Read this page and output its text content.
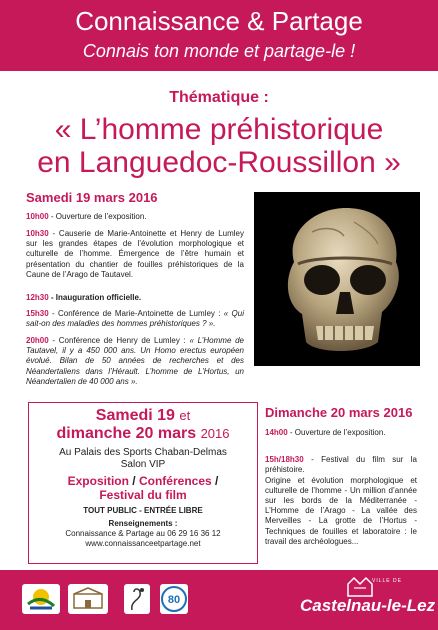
Connaissance & Partage
Connais ton monde et partage-le !
Thématique :
« L’homme préhistorique
en Languedoc-Roussillon »
Samedi 19 mars 2016
10h00 - Ouverture de l’exposition.
10h30 - Causerie de Marie-Antoinette et Henry de Lumley sur les grandes étapes de l’évolution morphologique et culturelle de l’homme. Émergence de l’être humain et présentation du chantier de fouilles préhistoriques de la Caune de l’Arago de Tautavel.
12h30 - Inauguration officielle.
15h30 - Conférence de Marie-Antoinette de Lumley : « Qui sait-on des maladies des hommes préhistoriques ? ».
20h00 - Conférence de Henry de Lumley : « L’Homme de Tautavel, il y a 450 000 ans. Un Homo erectus européen évolué. Bilan de 50 années de recherches et des Néandertaliens dans l’Hérault. L’homme de L’Hortus, un Néandertalien de 40 000 ans ».
Samedi 19 et
dimanche 20 mars 2016
Au Palais des Sports Chaban-Delmas
Salon VIP
Exposition / Conférences /
Festival du film
TOUT PUBLIC - ENTRÉE LIBRE
Renseignements :
Connaissance & Partage au 06 29 16 36 12
www.connaissanceetpartage.net
Dimanche 20 mars 2016
14h00 - Ouverture de l’exposition.

15h/18h30 - Festival du film sur la préhistoire.
Origine et évolution morphologique et culturelle de l’homme - Un million d’année sur les bords de la Méditerranée - L’Homme de l’Arago - La vallée des Merveilles - La grotte de l’Hortus - Techniques de fouilles et laboratoire : le travail des archéologues...

80
VILLE DE
Castelnau-le-Lez
